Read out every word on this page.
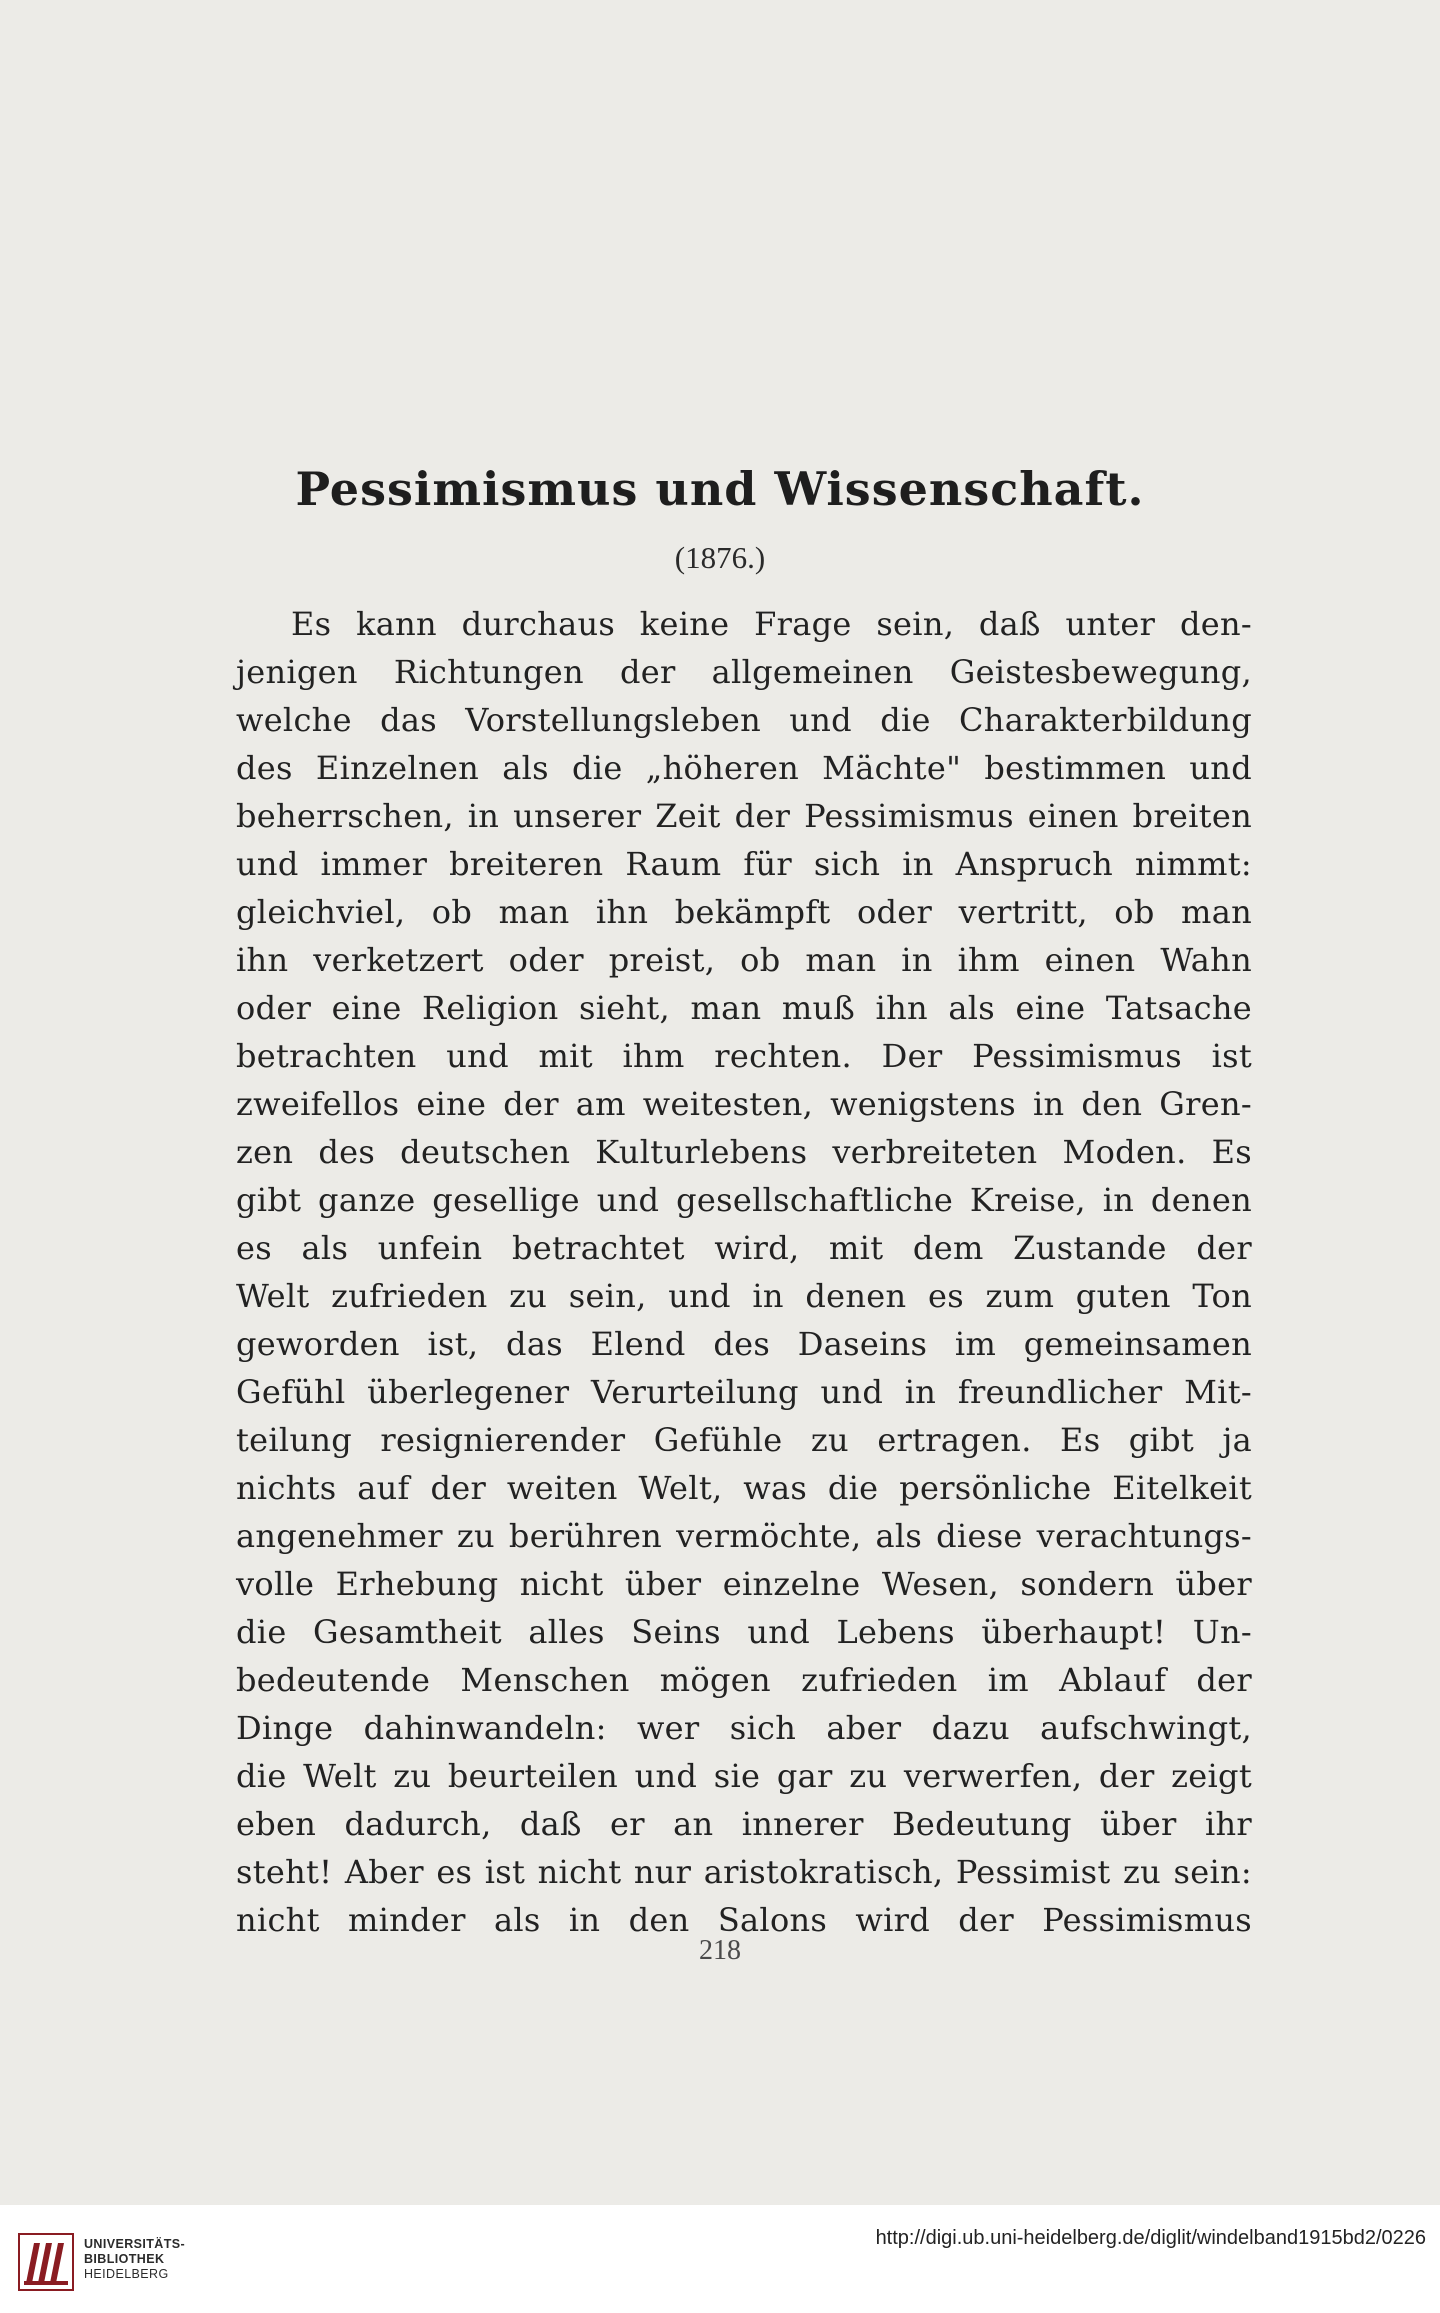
Pessimismus und Wissenschaft.
(1876.)
Es kann durchaus keine Frage sein, daß unter den-
jenigen Richtungen der allgemeinen Geistesbewegung,
welche das Vorstellungsleben und die Charakterbildung
des Einzelnen als die „höheren Mächte" bestimmen und
beherrschen, in unserer Zeit der Pessimismus einen breiten
und immer breiteren Raum für sich in Anspruch nimmt:
gleichviel, ob man ihn bekämpft oder vertritt, ob man
ihn verketzert oder preist, ob man in ihm einen Wahn
oder eine Religion sieht, man muß ihn als eine Tatsache
betrachten und mit ihm rechten. Der Pessimismus ist
zweifellos eine der am weitesten, wenigstens in den Gren-
zen des deutschen Kulturlebens verbreiteten Moden. Es
gibt ganze gesellige und gesellschaftliche Kreise, in denen
es als unfein betrachtet wird, mit dem Zustande der
Welt zufrieden zu sein, und in denen es zum guten Ton
geworden ist, das Elend des Daseins im gemeinsamen
Gefühl überlegener Verurteilung und in freundlicher Mit-
teilung resignierender Gefühle zu ertragen. Es gibt ja
nichts auf der weiten Welt, was die persönliche Eitelkeit
angenehmer zu berühren vermöchte, als diese verachtungs-
volle Erhebung nicht über einzelne Wesen, sondern über
die Gesamtheit alles Seins und Lebens überhaupt! Un-
bedeutende Menschen mögen zufrieden im Ablauf der
Dinge dahinwandeln: wer sich aber dazu aufschwingt,
die Welt zu beurteilen und sie gar zu verwerfen, der zeigt
eben dadurch, daß er an innerer Bedeutung über ihr
steht! Aber es ist nicht nur aristokratisch, Pessimist zu sein:
nicht minder als in den Salons wird der Pessimismus
218
UNIVERSITÄTS-
BIBLIOTHEK
HEIDELBERG
http://digi.ub.uni-heidelberg.de/diglit/windelband1915bd2/0226
